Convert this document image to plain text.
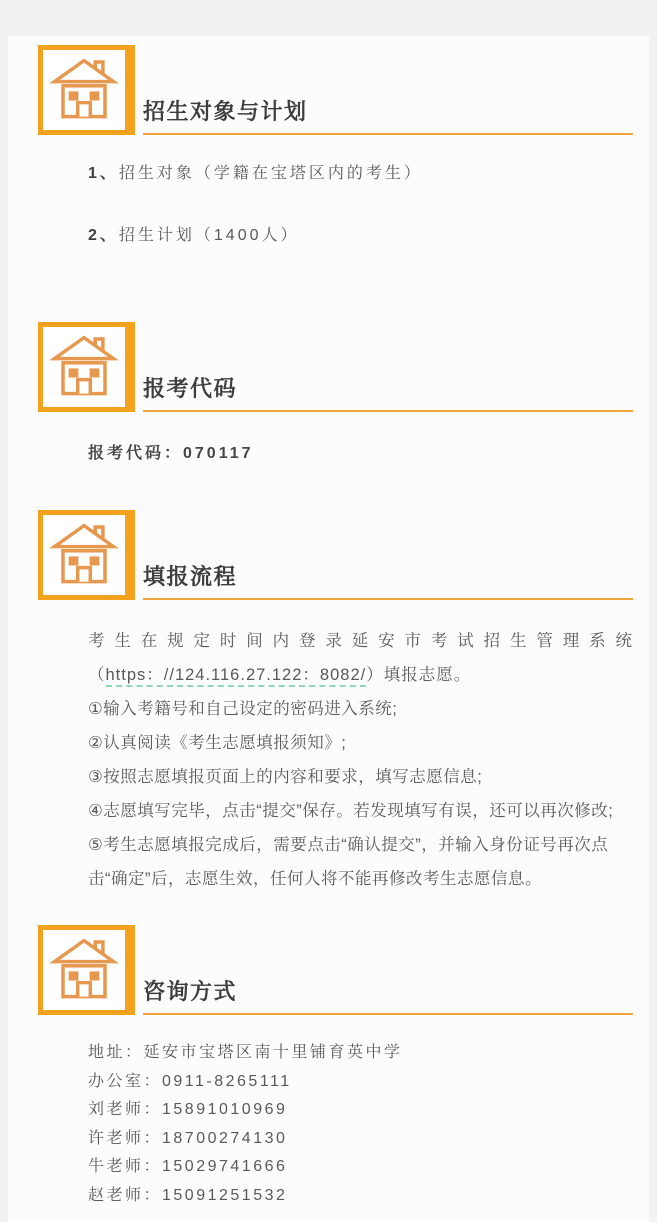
招生对象与计划
1、招生对象（学籍在宝塔区内的考生）
2、招生计划（1400人）
报考代码
报考代码：070117
填报流程
考生在规定时间内登录延安市考试招生管理系统
（https：//124.116.27.122：8082/）填报志愿。
①输入考籍号和自己设定的密码进入系统;
②认真阅读《考生志愿填报须知》;
③按照志愿填报页面上的内容和要求，填写志愿信息;
④志愿填写完毕，点击“提交”保存。若发现填写有误，还可以再次修改;
⑤考生志愿填报完成后，需要点击“确认提交”，并输入身份证号再次点击“确定”后，志愿生效，任何人将不能再修改考生志愿信息。
咨询方式
地址：延安市宝塔区南十里铺育英中学
办公室：0911-8265111
刘老师：15891010969
许老师：18700274130
牛老师：15029741666
赵老师：15091251532
